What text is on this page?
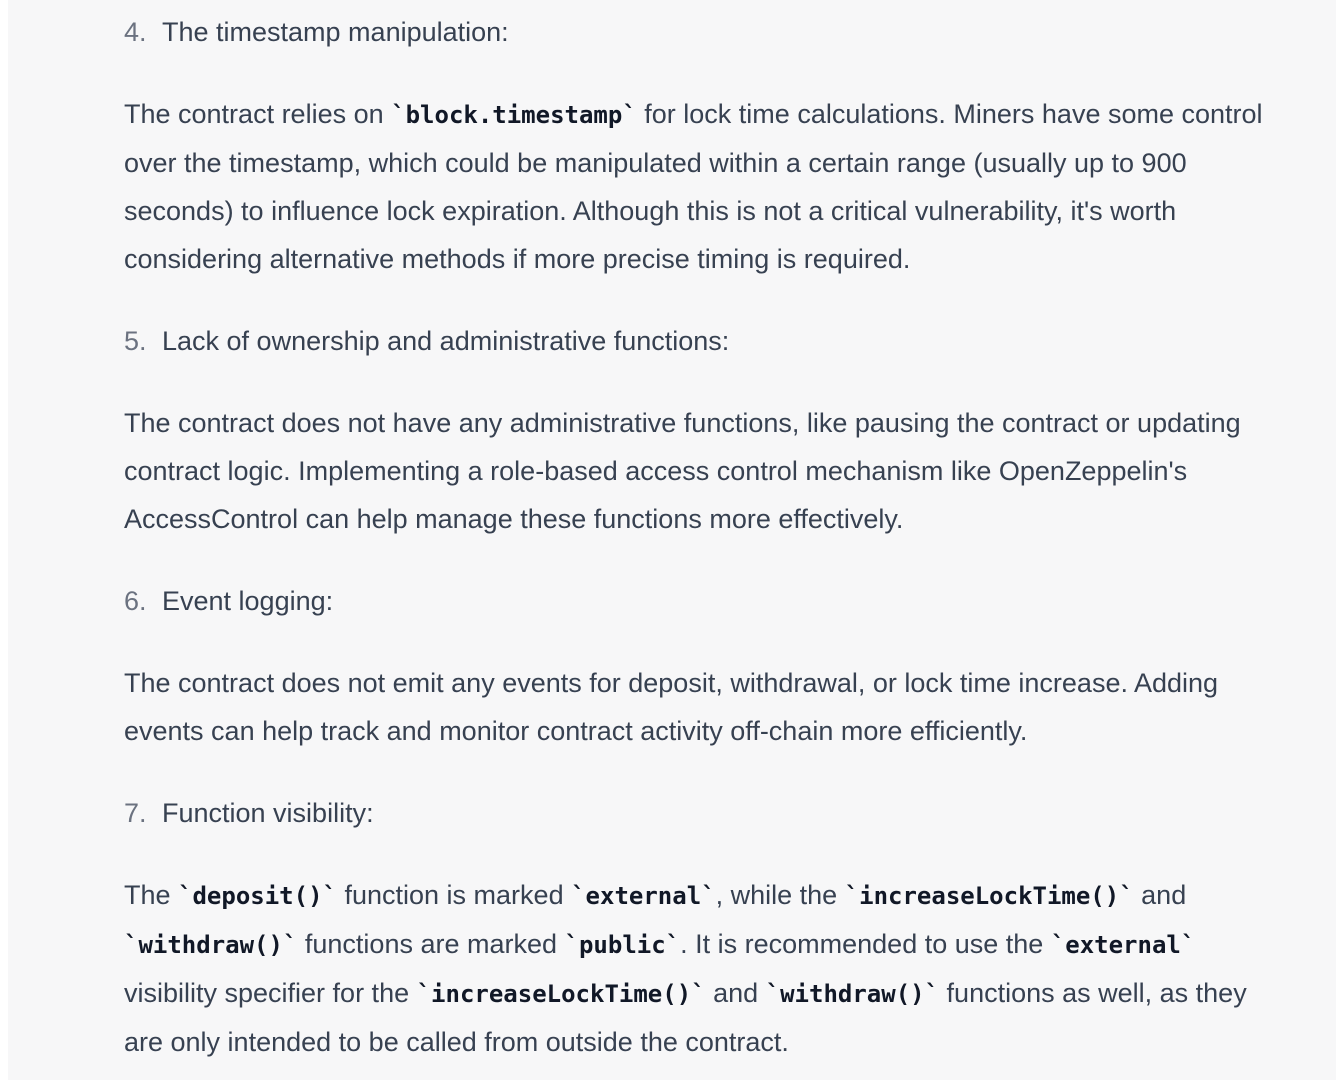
4. The timestamp manipulation:

The contract relies on `block.timestamp` for lock time calculations. Miners have some control over the timestamp, which could be manipulated within a certain range (usually up to 900 seconds) to influence lock expiration. Although this is not a critical vulnerability, it's worth considering alternative methods if more precise timing is required.

5. Lack of ownership and administrative functions:

The contract does not have any administrative functions, like pausing the contract or updating contract logic. Implementing a role-based access control mechanism like OpenZeppelin's AccessControl can help manage these functions more effectively.

6. Event logging:

The contract does not emit any events for deposit, withdrawal, or lock time increase. Adding events can help track and monitor contract activity off-chain more efficiently.

7. Function visibility:

The `deposit()` function is marked `external`, while the `increaseLockTime()` and `withdraw()` functions are marked `public`. It is recommended to use the `external` visibility specifier for the `increaseLockTime()` and `withdraw()` functions as well, as they are only intended to be called from outside the contract.
